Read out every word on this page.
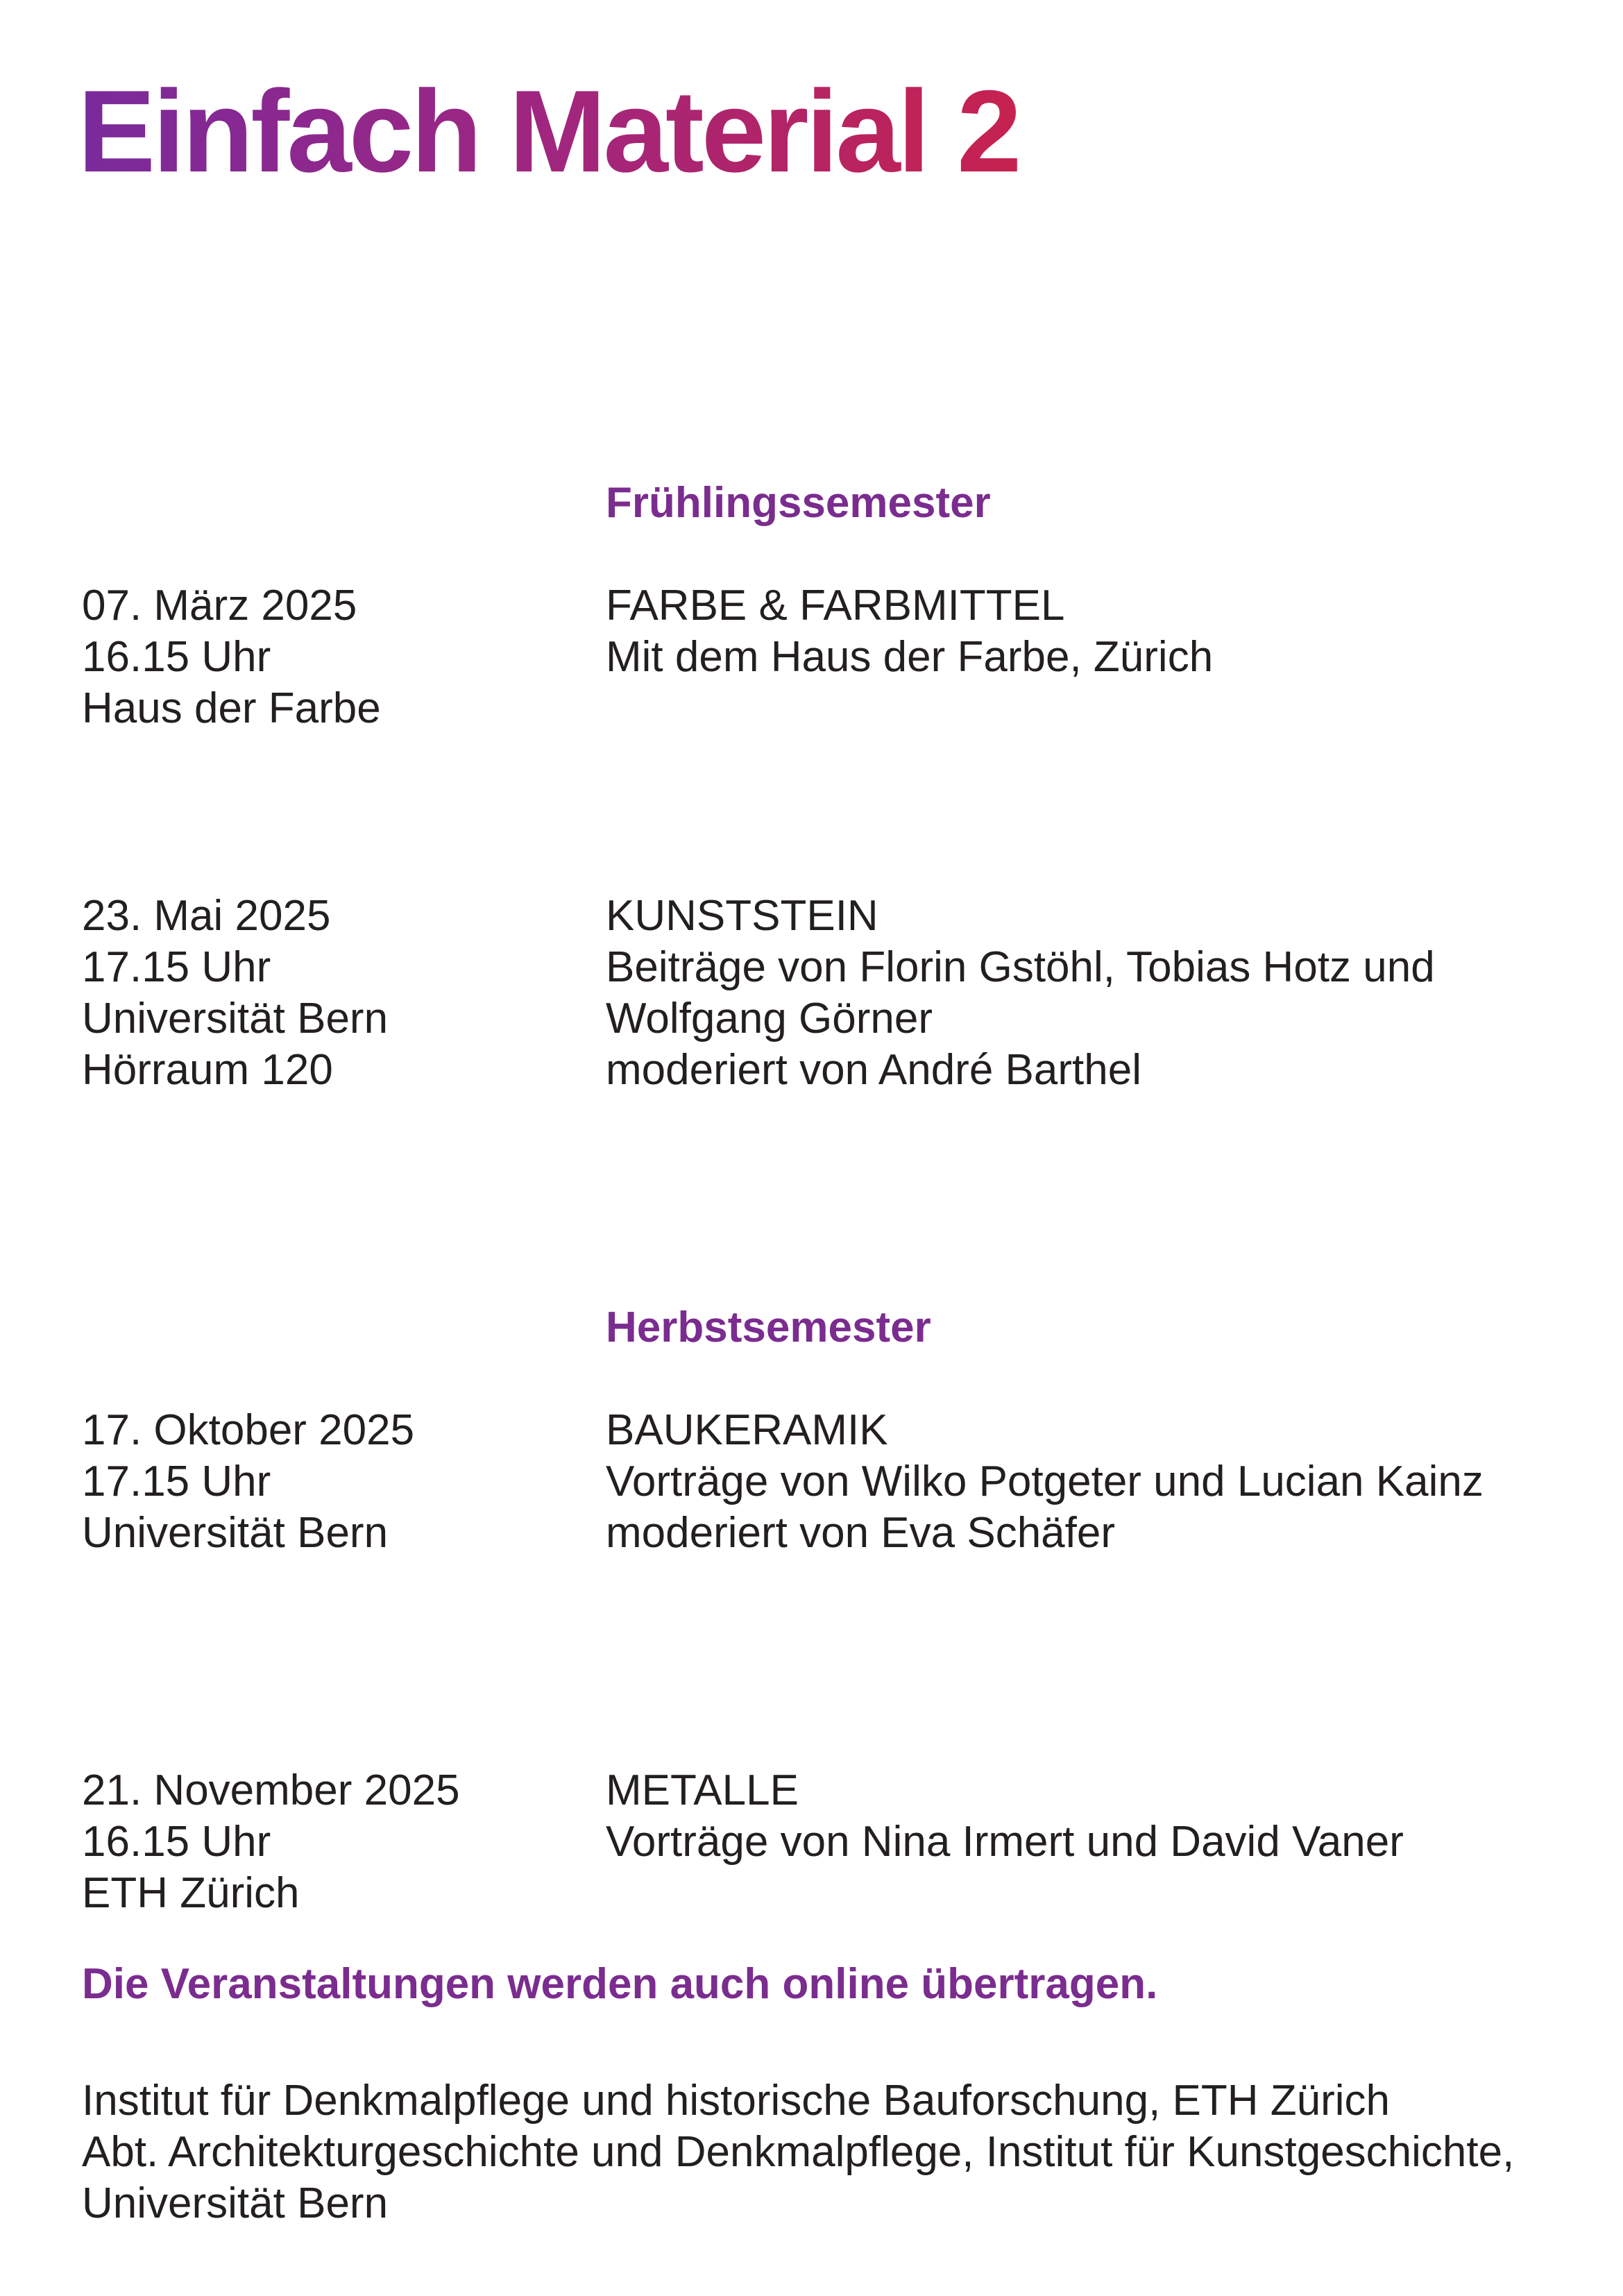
Einfach Material 2
Frühlingssemester
07. März 2025
16.15 Uhr
Haus der Farbe
FARBE & FARBMITTEL
Mit dem Haus der Farbe, Zürich
23. Mai 2025
17.15 Uhr
Universität Bern
Hörraum 120
KUNSTSTEIN
Beiträge von Florin Gstöhl, Tobias Hotz und
Wolfgang Görner
moderiert von André Barthel
Herbstsemester
17. Oktober 2025
17.15 Uhr
Universität Bern
BAUKERAMIK
Vorträge von Wilko Potgeter und Lucian Kainz
moderiert von Eva Schäfer
21. November 2025
16.15 Uhr
ETH Zürich
METALLE
Vorträge von Nina Irmert und David Vaner

Die Veranstaltungen werden auch online übertragen.

Institut für Denkmalpflege und historische Bauforschung, ETH Zürich
Abt. Architekturgeschichte und Denkmalpflege, Institut für Kunstgeschichte,
Universität Bern
